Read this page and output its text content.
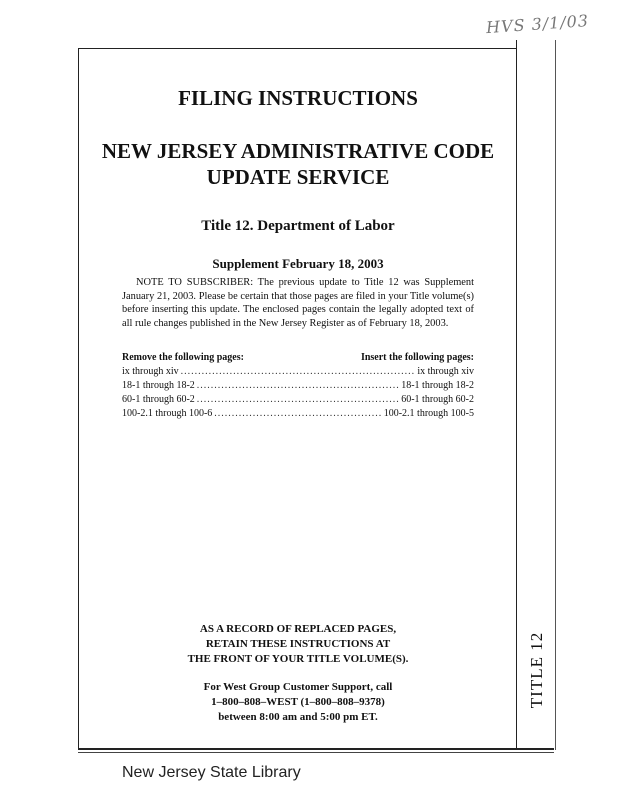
HVS 3/1/03
TITLE 12
FILING INSTRUCTIONS
NEW JERSEY ADMINISTRATIVE CODE
UPDATE SERVICE
Title 12. Department of Labor
Supplement February 18, 2003
NOTE TO SUBSCRIBER: The previous update to Title 12 was Supplement January 21, 2003. Please be certain that those pages are filed in your Title volume(s) before inserting this update. The enclosed pages contain the legally adopted text of all rule changes published in the New Jersey Register as of February 18, 2003.
Remove the following pages:	Insert the following pages:
ix through xiv .....	ix through xiv
18-1 through 18-2 .....	18-1 through 18-2
60-1 through 60-2 .....	60-1 through 60-2
100-2.1 through 100-6 .....	100-2.1 through 100-5
AS A RECORD OF REPLACED PAGES,
RETAIN THESE INSTRUCTIONS AT
THE FRONT OF YOUR TITLE VOLUME(S).
For West Group Customer Support, call
1–800–808–WEST (1–800–808–9378)
between 8:00 am and 5:00 pm ET.
New Jersey State Library
